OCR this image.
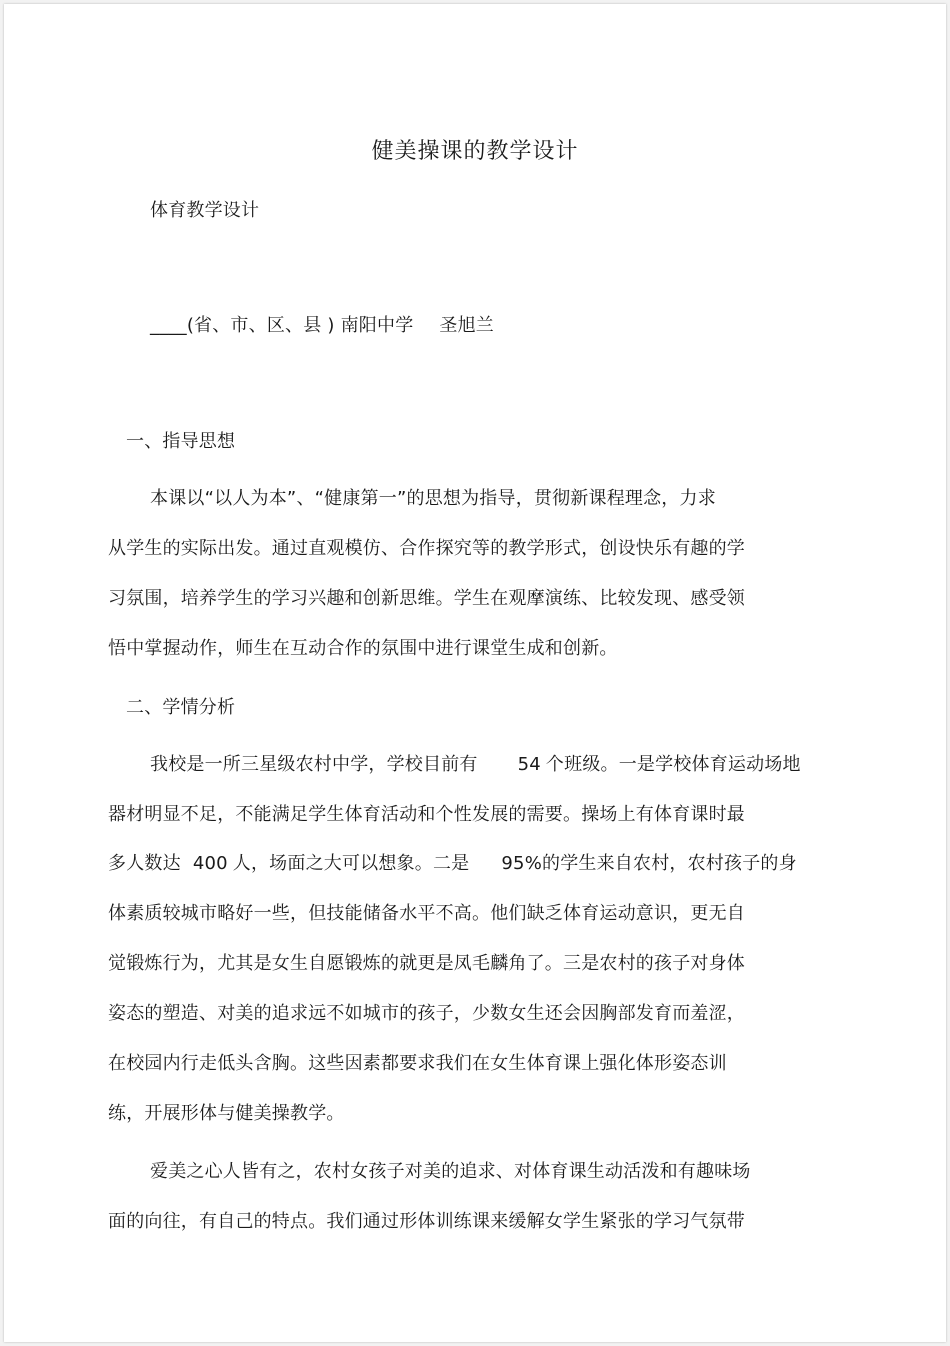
健美操课的教学设计
体育教学设计
____(省、市、区、县 ) 南阳中学 圣旭兰
一、指导思想
本课以“以人为本”、“健康第一”的思想为指导，贯彻新课程理念，力求
从学生的实际出发。通过直观模仿、合作探究等的教学形式，创设快乐有趣的学
习氛围，培养学生的学习兴趣和创新思维。学生在观摩演练、比较发现、感受领
悟中掌握动作，师生在互动合作的氛围中进行课堂生成和创新。
二、学情分析
我校是一所三星级农村中学，学校目前有 54 个班级。一是学校体育运动场地
器材明显不足，不能满足学生体育活动和个性发展的需要。操场上有体育课时最
多人数达 400 人，场面之大可以想象。二是 95%的学生来自农村，农村孩子的身
体素质较城市略好一些，但技能储备水平不高。他们缺乏体育运动意识，更无自
觉锻炼行为，尤其是女生自愿锻炼的就更是凤毛麟角了。三是农村的孩子对身体
姿态的塑造、对美的追求远不如城市的孩子，少数女生还会因胸部发育而羞涩，
在校园内行走低头含胸。这些因素都要求我们在女生体育课上强化体形姿态训
练，开展形体与健美操教学。
爱美之心人皆有之，农村女孩子对美的追求、对体育课生动活泼和有趣味场
面的向往，有自己的特点。我们通过形体训练课来缓解女学生紧张的学习气氛带
